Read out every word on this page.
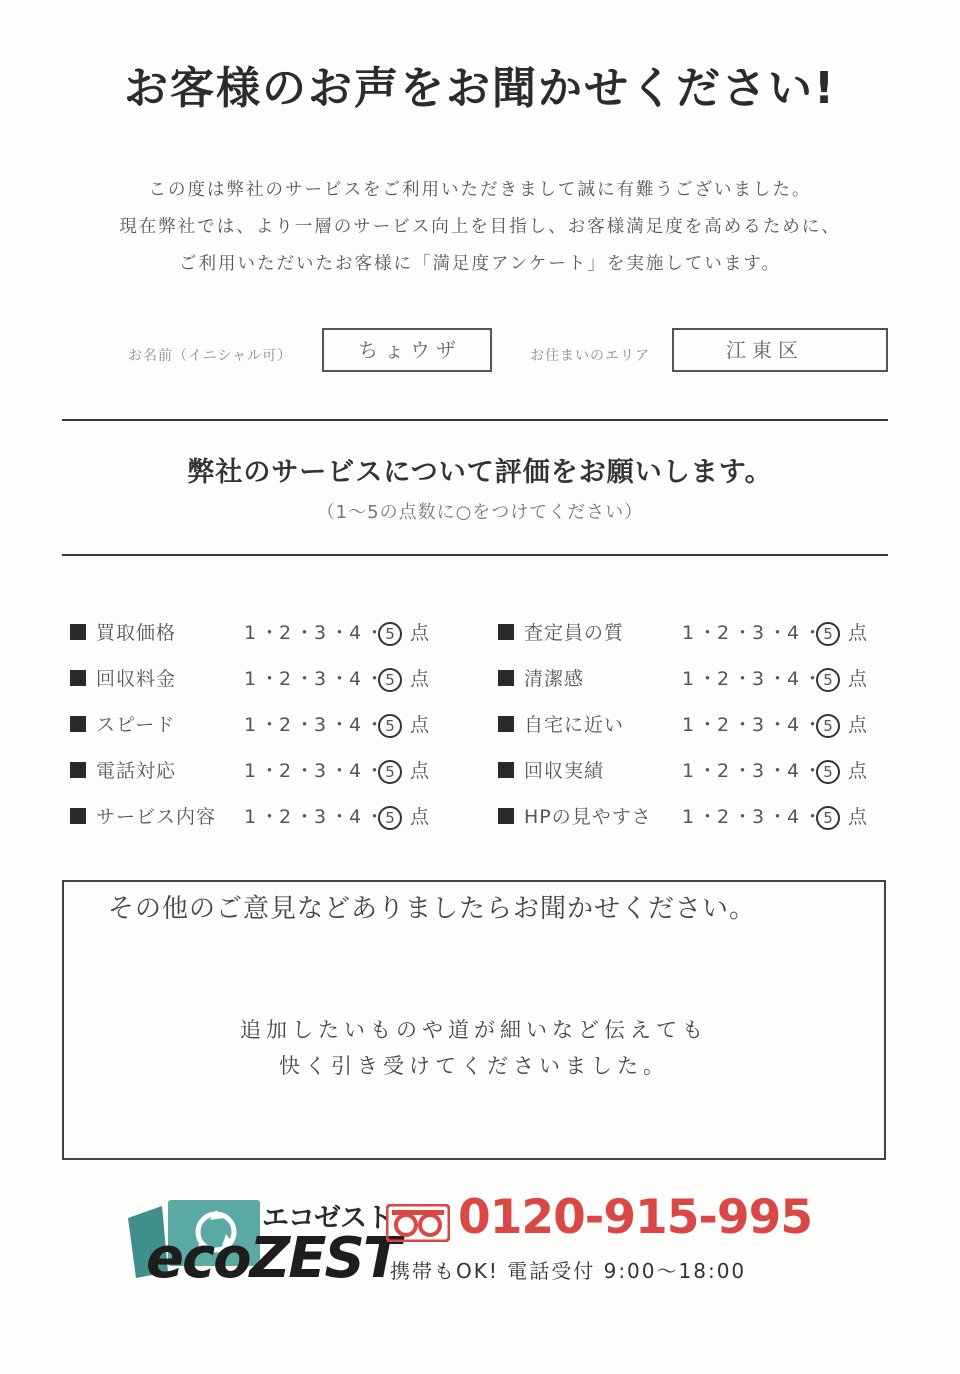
お客様のお声をお聞かせください!
この度は弊社のサービスをご利用いただきまして誠に有難うございました。
現在弊社では、より一層のサービス向上を目指し、お客様満足度を高めるために、
ご利用いただいたお客様に「満足度アンケート」を実施しています。
お名前（イニシャル可）	ちょウザ	お住まいのエリア	江東区
弊社のサービスについて評価をお願いします。
（1〜5の点数に○をつけてください）
買取価格	1 ・2 ・3 ・4 ・5 点
回収料金	1 ・2 ・3 ・4 ・5 点
スピード	1 ・2 ・3 ・4 ・5 点
電話対応	1 ・2 ・3 ・4 ・5 点
サービス内容 1 ・2 ・3 ・4 ・5 点
査定員の質	1 ・2 ・3 ・4 ・5 点
清潔感	1 ・2 ・3 ・4 ・5 点
自宅に近い	1 ・2 ・3 ・4 ・5 点
回収実績	1 ・2 ・3 ・4 ・5 点
HPの見やすさ 1 ・2 ・3 ・4 ・5 点
その他のご意見などありましたらお聞かせください。
追加したいものや道が細いなど伝えても
快く引き受けてくださいました。
エコゼスト
ecoZEST
0120-915-995
携帯もOK! 電話受付 9:00〜18:00
